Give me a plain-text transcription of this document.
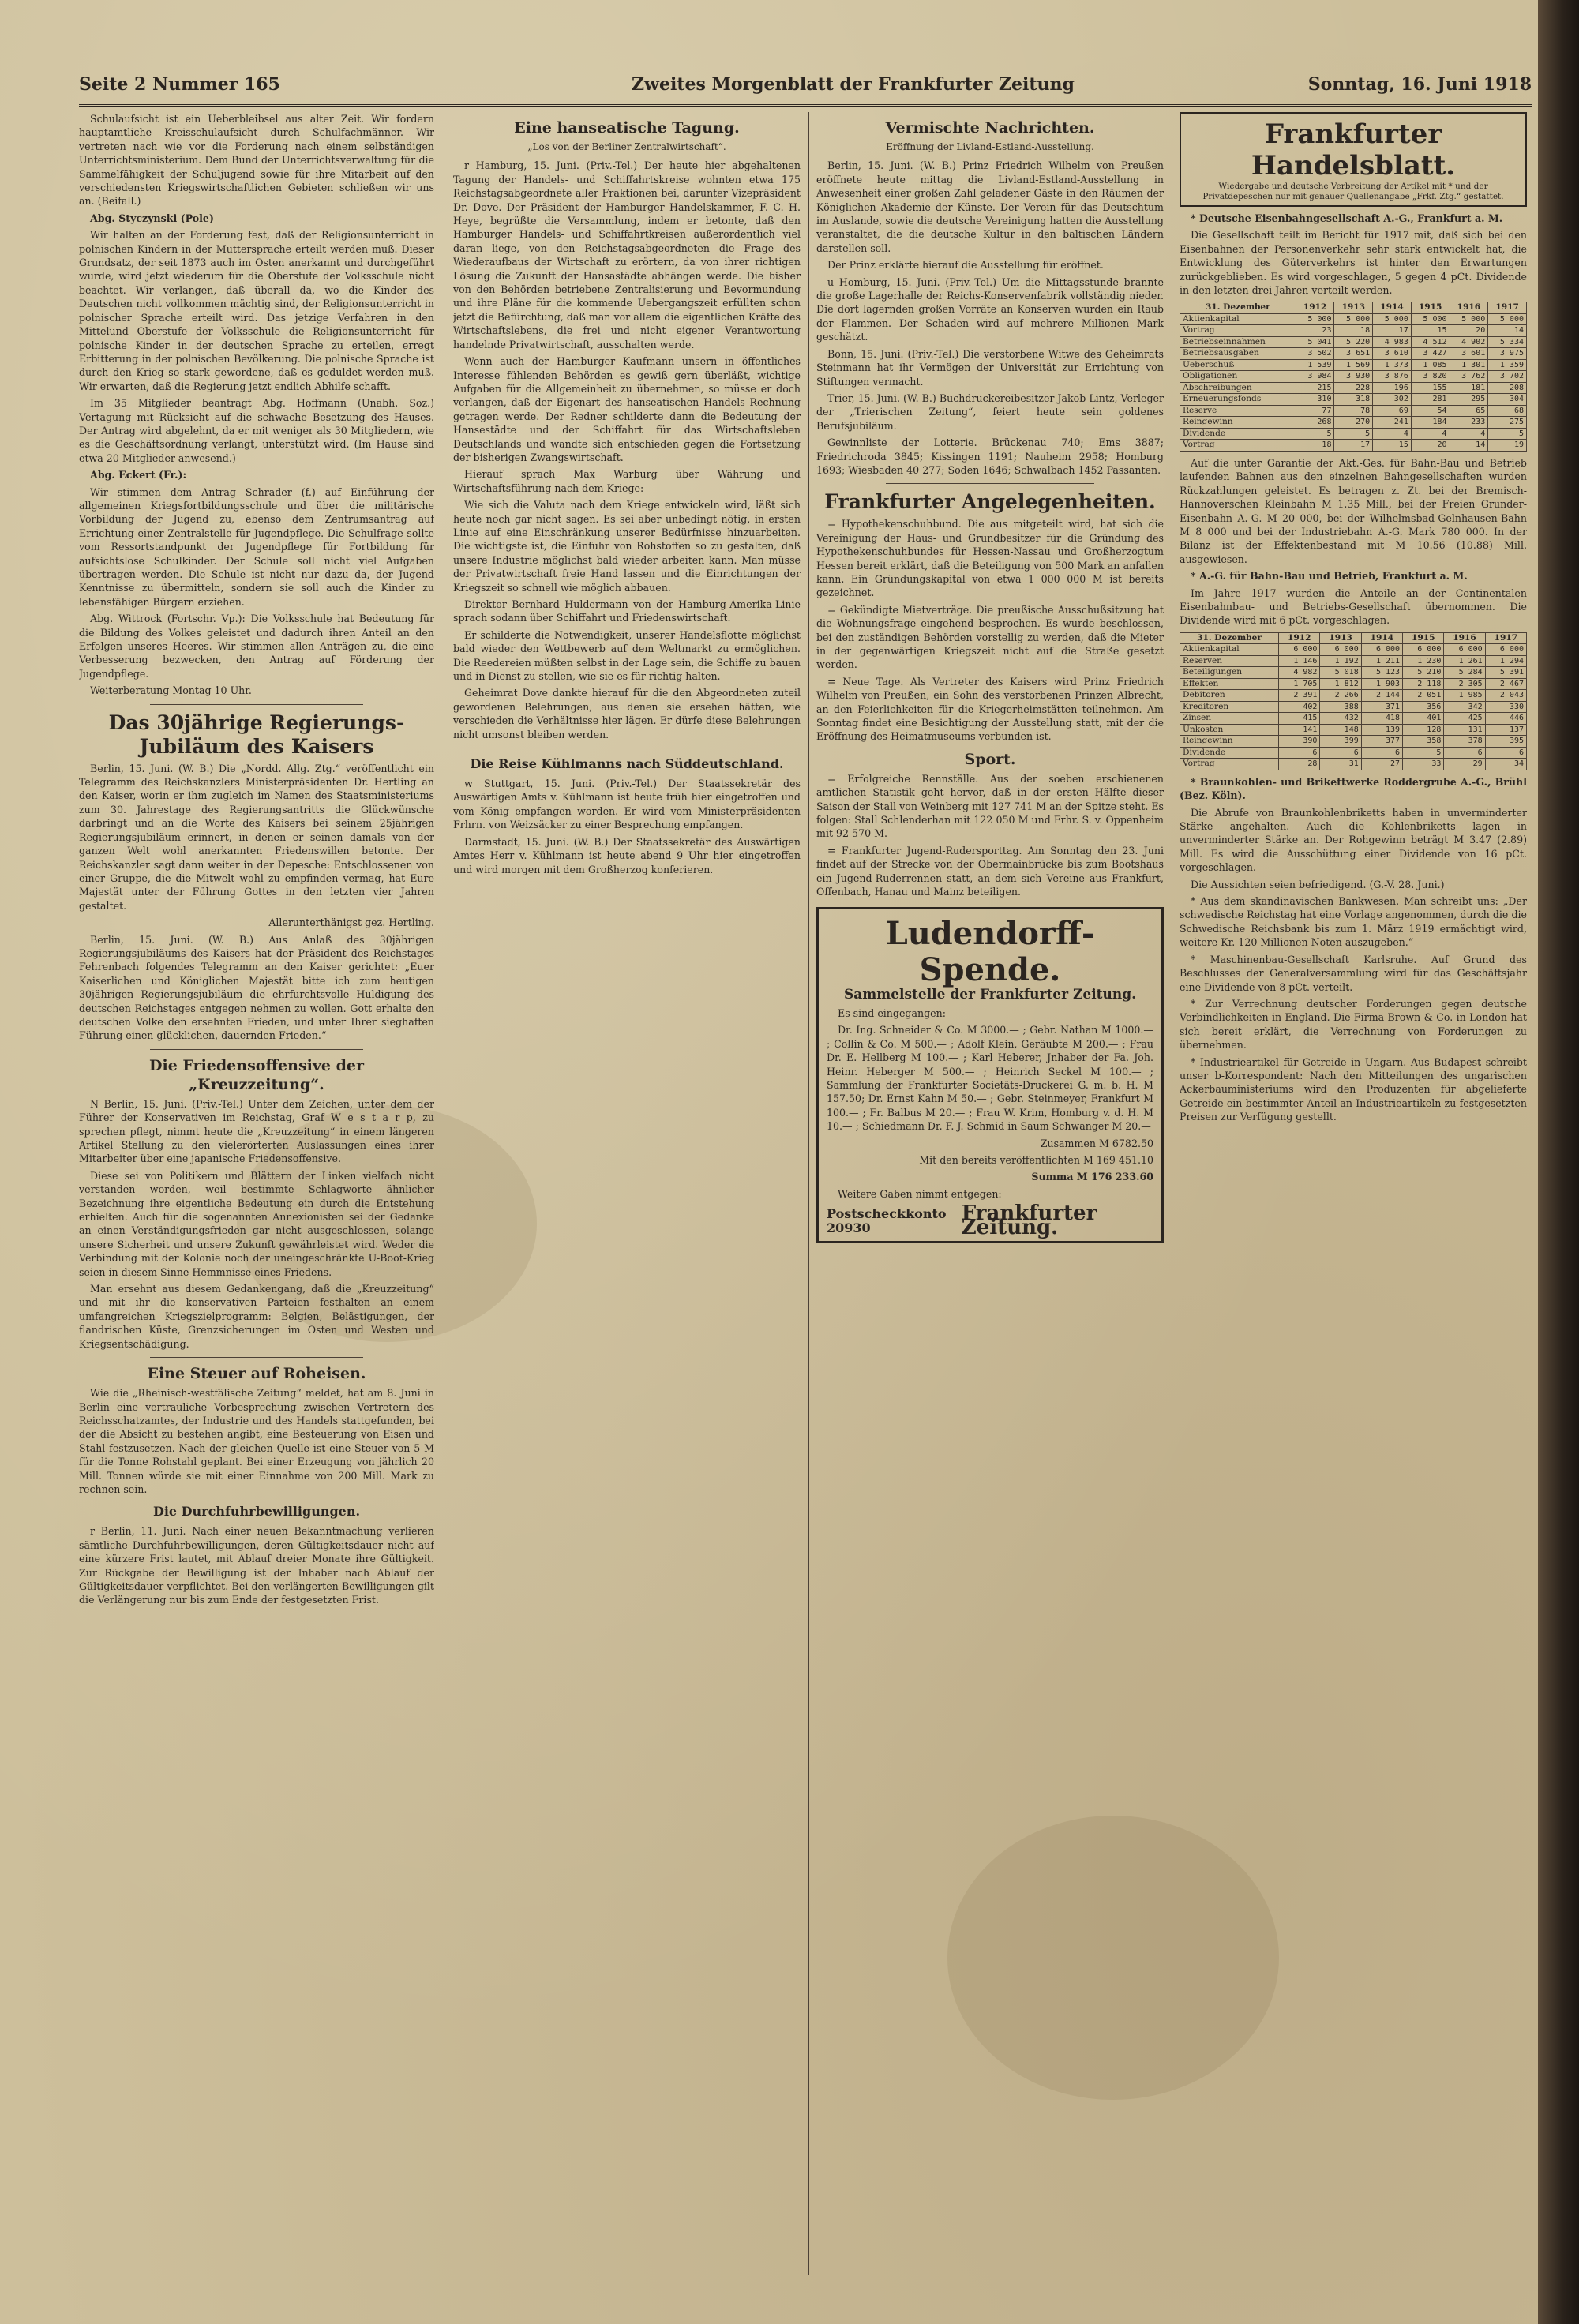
Seite 2 Nummer 165	Zweites Morgenblatt der Frankfurter Zeitung	Sonntag, 16. Juni 1918

Schulaufsicht ist ein Ueberbleibsel aus alter Zeit. Wir fordern hauptamtliche Kreisschulaufsicht durch Schulfachmänner. Wir vertreten nach wie vor die Forderung nach einem selbständigen Unterrichtsministerium. Dem Bund der Unterrichtsverwaltung für die Sammelfähigkeit der Schuljugend sowie für ihre Mitarbeit auf den verschiedensten Kriegswirtschaftlichen Gebieten schließen wir uns an. (Beifall.)

Abg. Styczynski (Pole)

Wir halten an der Forderung fest, daß der Religionsunterricht in polnischen Kindern in der Muttersprache erteilt werden muß. Dieser Grundsatz, der seit 1873 auch im Osten anerkannt und durchgeführt wurde, wird jetzt wiederum für die Oberstufe der Volksschule nicht beachtet. Wir verlangen, daß überall da, wo die Kinder des Deutschen nicht vollkommen mächtig sind, der Religionsunterricht in polnischer Sprache erteilt wird. Das jetzige Verfahren in den Mittelund Oberstufe der Volksschule die Religionsunterricht für polnische Kinder in der deutschen Sprache zu erteilen, erregt Erbitterung in der polnischen Bevölkerung. Die polnische Sprache ist durch den Krieg so stark gewordene, daß es geduldet werden muß. Wir erwarten, daß die Regierung jetzt endlich Abhilfe schafft.

Im 35 Mitglieder beantragt Abg. Hoffmann (Unabh. Soz.) Vertagung mit Rücksicht auf die schwache Besetzung des Hauses. Der Antrag wird abgelehnt, da er mit weniger als 30 Mitgliedern, wie es die Geschäftsordnung verlangt, unterstützt wird. (Im Hause sind etwa 20 Mitglieder anwesend.)

Abg. Eckert (Fr.):

Wir stimmen dem Antrag Schrader (f.) auf Einführung der allgemeinen Kriegsfortbildungsschule und über die militärische Vorbildung der Jugend zu, ebenso dem Zentrumsantrag auf Errichtung einer Zentralstelle für Jugendpflege. Die Schulfrage sollte vom Ressortstandpunkt der Jugendpflege für Fortbildung für aufsichtslose Schulkinder. Der Schule soll nicht viel Aufgaben übertragen werden. Die Schule ist nicht nur dazu da, der Jugend Kenntnisse zu übermitteln, sondern sie soll auch die Kinder zu lebensfähigen Bürgern erziehen.

Abg. Wittrock (Fortschr. Vp.): Die Volksschule hat Bedeutung für die Bildung des Volkes geleistet und dadurch ihren Anteil an den Erfolgen unseres Heeres. Wir stimmen allen Anträgen zu, die eine Verbesserung bezwecken, den Antrag auf Förderung der Jugendpflege.

Weiterberatung Montag 10 Uhr.

Das 30jährige Regierungs-Jubiläum des Kaisers

Berlin, 15. Juni. (W. B.) Die „Nordd. Allg. Ztg.“ veröffentlicht ein Telegramm des Reichskanzlers Ministerpräsidenten Dr. Hertling an den Kaiser, worin er ihm zugleich im Namen des Staatsministeriums zum 30. Jahrestage des Regierungsantritts die Glückwünsche darbringt und an die Worte des Kaisers bei seinem 25jährigen Regierungsjubiläum erinnert, in denen er seinen damals von der ganzen Welt wohl anerkannten Friedenswillen betonte. Der Reichskanzler sagt dann weiter in der Depesche: Entschlossenen von einer Gruppe, die die Mitwelt wohl zu empfinden vermag, hat Eure Majestät unter der Führung Gottes in den letzten vier Jahren gestaltet.

Allerunterthänigst gez. Hertling.

Berlin, 15. Juni. (W. B.) Aus Anlaß des 30jährigen Regierungsjubiläums des Kaisers hat der Präsident des Reichstages Fehrenbach folgendes Telegramm an den Kaiser gerichtet: „Euer Kaiserlichen und Königlichen Majestät bitte ich zum heutigen 30jährigen Regierungsjubiläum die ehrfurchtsvolle Huldigung des deutschen Reichstages entgegen nehmen zu wollen. Gott erhalte den deutschen Volke den ersehnten Frieden, und unter Ihrer sieghaften Führung einen glücklichen, dauernden Frieden.“

Die Friedensoffensive der „Kreuzzeitung“.

N Berlin, 15. Juni. (Priv.-Tel.) Unter dem Zeichen, unter dem der Führer der Konservativen im Reichstag, Graf W e s t a r p, zu sprechen pflegt, nimmt heute die „Kreuzzeitung“ in einem längeren Artikel Stellung zu den vielerörterten Auslassungen eines ihrer Mitarbeiter über eine japanische Friedensoffensive.

Diese sei von Politikern und Blättern der Linken vielfach nicht verstanden worden, weil bestimmte Schlagworte ähnlicher Bezeichnung ihre eigentliche Bedeutung ein durch die Entstehung erhielten. Auch für die sogenannten Annexionisten sei der Gedanke an einen Verständigungsfrieden gar nicht ausgeschlossen, solange unsere Sicherheit und unsere Zukunft gewährleistet wird. Weder die Verbindung mit der Kolonie noch der uneingeschränkte U-Boot-Krieg seien in diesem Sinne Hemmnisse eines Friedens.

Man ersehnt aus diesem Gedankengang, daß die „Kreuzzeitung“ und mit ihr die konservativen Parteien festhalten an einem umfangreichen Kriegszielprogramm: Belgien, Belästigungen, der flandrischen Küste, Grenzsicherungen im Osten und Westen und Kriegsentschädigung.

Eine Steuer auf Roheisen.

Wie die „Rheinisch-westfälische Zeitung“ meldet, hat am 8. Juni in Berlin eine vertrauliche Vorbesprechung zwischen Vertretern des Reichsschatzamtes, der Industrie und des Handels stattgefunden, bei der die Absicht zu bestehen angibt, eine Besteuerung von Eisen und Stahl festzusetzen. Nach der gleichen Quelle ist eine Steuer von 5 M für die Tonne Rohstahl geplant. Bei einer Erzeugung von jährlich 20 Mill. Tonnen würde sie mit einer Einnahme von 200 Mill. Mark zu rechnen sein.

Die Durchfuhrbewilligungen.

r Berlin, 11. Juni. Nach einer neuen Bekanntmachung verlieren sämtliche Durchfuhrbewilligungen, deren Gültigkeitsdauer nicht auf eine kürzere Frist lautet, mit Ablauf dreier Monate ihre Gültigkeit. Zur Rückgabe der Bewilligung ist der Inhaber nach Ablauf der Gültigkeitsdauer verpflichtet. Bei den verlängerten Bewilligungen gilt die Verlängerung nur bis zum Ende der festgesetzten Frist.

Eine hanseatische Tagung.
„Los von der Berliner Zentralwirtschaft“.

r Hamburg, 15. Juni. (Priv.-Tel.) Der heute hier abgehaltenen Tagung der Handels- und Schiffahrtskreise wohnten etwa 175 Reichstagsabgeordnete aller Fraktionen bei, darunter Vizepräsident Dr. Dove. Der Präsident der Hamburger Handelskammer, F. C. H. Heye, begrüßte die Versammlung, indem er betonte, daß den Hamburger Handels- und Schiffahrtkreisen außerordentlich viel daran liege, von den Reichstagsabgeordneten die Frage des Wiederaufbaus der Wirtschaft zu erörtern, da von ihrer richtigen Lösung die Zukunft der Hansastädte abhängen werde. Die bisher von den Behörden betriebene Zentralisierung und Bevormundung und ihre Pläne für die kommende Uebergangszeit erfüllten schon jetzt die Befürchtung, daß man vor allem die eigentlichen Kräfte des Wirtschaftslebens, die frei und nicht eigener Verantwortung handelnde Privatwirtschaft, ausschalten werde.

Wenn auch der Hamburger Kaufmann unsern in öffentliches Interesse fühlenden Behörden es gewiß gern überläßt, wichtige Aufgaben für die Allgemeinheit zu übernehmen, so müsse er doch verlangen, daß der Eigenart des hanseatischen Handels Rechnung getragen werde. Der Redner schilderte dann die Bedeutung der Hansestädte und der Schiffahrt für das Wirtschaftsleben Deutschlands und wandte sich entschieden gegen die Fortsetzung der bisherigen Zwangswirtschaft.

Hierauf sprach Max Warburg über Währung und Wirtschaftsführung nach dem Kriege:

Wie sich die Valuta nach dem Kriege entwickeln wird, läßt sich heute noch gar nicht sagen. Es sei aber unbedingt nötig, in ersten Linie auf eine Einschränkung unserer Bedürfnisse hinzuarbeiten. Die wichtigste ist, die Einfuhr von Rohstoffen so zu gestalten, daß unsere Industrie möglichst bald wieder arbeiten kann. Man müsse der Privatwirtschaft freie Hand lassen und die Einrichtungen der Kriegszeit so schnell wie möglich abbauen.

Direktor Bernhard Huldermann von der Hamburg-Amerika-Linie sprach sodann über Schiffahrt und Friedenswirtschaft.

Er schilderte die Notwendigkeit, unserer Handelsflotte möglichst bald wieder den Wettbewerb auf dem Weltmarkt zu ermöglichen. Die Reedereien müßten selbst in der Lage sein, die Schiffe zu bauen und in Dienst zu stellen, wie sie es für richtig halten.

Geheimrat Dove dankte hierauf für die den Abgeordneten zuteil gewordenen Belehrungen, aus denen sie ersehen hätten, wie verschieden die Verhältnisse hier lägen. Er dürfe diese Belehrungen nicht umsonst bleiben werden.

Die Reise Kühlmanns nach Süddeutschland.

w Stuttgart, 15. Juni. (Priv.-Tel.) Der Staatssekretär des Auswärtigen Amts v. Kühlmann ist heute früh hier eingetroffen und vom König empfangen worden. Er wird vom Ministerpräsidenten Frhrn. von Weizsäcker zu einer Besprechung empfangen.

Darmstadt, 15. Juni. (W. B.) Der Staatssekretär des Auswärtigen Amtes Herr v. Kühlmann ist heute abend 9 Uhr hier eingetroffen und wird morgen mit dem Großherzog konferieren.

Vermischte Nachrichten.
Eröffnung der Livland-Estland-Ausstellung.

Berlin, 15. Juni. (W. B.) Prinz Friedrich Wilhelm von Preußen eröffnete heute mittag die Livland-Estland-Ausstellung in Anwesenheit einer großen Zahl geladener Gäste in den Räumen der Königlichen Akademie der Künste. Der Verein für das Deutschtum im Auslande, sowie die deutsche Vereinigung hatten die Ausstellung veranstaltet, die die deutsche Kultur in den baltischen Ländern darstellen soll.

Der Prinz erklärte hierauf die Ausstellung für eröffnet.

u Homburg, 15. Juni. (Priv.-Tel.) Um die Mittagsstunde brannte die große Lagerhalle der Reichs-Konservenfabrik vollständig nieder. Die dort lagernden großen Vorräte an Konserven wurden ein Raub der Flammen. Der Schaden wird auf mehrere Millionen Mark geschätzt.

Bonn, 15. Juni. (Priv.-Tel.) Die verstorbene Witwe des Geheimrats Steinmann hat ihr Vermögen der Universität zur Errichtung von Stiftungen vermacht.

Trier, 15. Juni. (W. B.) Buchdruckereibesitzer Jakob Lintz, Verleger der „Trierischen Zeitung“, feiert heute sein goldenes Berufsjubiläum.

Gewinnliste der Lotterie. Brückenau 740; Ems 3887; Friedrichroda 3845; Kissingen 1191; Nauheim 2958; Homburg 1693; Wiesbaden 40 277; Soden 1646; Schwalbach 1452 Passanten.

Frankfurter Angelegenheiten.

= Hypothekenschuhbund. Die aus mitgeteilt wird, hat sich die Vereinigung der Haus- und Grundbesitzer für die Gründung des Hypothekenschuhbundes für Hessen-Nassau und Großherzogtum Hessen bereit erklärt, daß die Beteiligung von 500 Mark an anfallen kann. Ein Gründungskapital von etwa 1 000 000 M ist bereits gezeichnet.

= Gekündigte Mietverträge. Die preußische Ausschußsitzung hat die Wohnungsfrage eingehend besprochen. Es wurde beschlossen, bei den zuständigen Behörden vorstellig zu werden, daß die Mieter in der gegenwärtigen Kriegszeit nicht auf die Straße gesetzt werden.

= Neue Tage. Als Vertreter des Kaisers wird Prinz Friedrich Wilhelm von Preußen, ein Sohn des verstorbenen Prinzen Albrecht, an den Feierlichkeiten für die Kriegerheimstätten teilnehmen. Am Sonntag findet eine Besichtigung der Ausstellung statt, mit der die Eröffnung des Heimatmuseums verbunden ist.

Sport.

= Erfolgreiche Rennställe. Aus der soeben erschienenen amtlichen Statistik geht hervor, daß in der ersten Hälfte dieser Saison der Stall von Weinberg mit 127 741 M an der Spitze steht. Es folgen: Stall Schlenderhan mit 122 050 M und Frhr. S. v. Oppenheim mit 92 570 M.

= Frankfurter Jugend-Rudersporttag. Am Sonntag den 23. Juni findet auf der Strecke von der Obermainbrücke bis zum Bootshaus ein Jugend-Ruderrennen statt, an dem sich Vereine aus Frankfurt, Offenbach, Hanau und Mainz beteiligen.

Ludendorff-Spende.
Sammelstelle der Frankfurter Zeitung.

Es sind eingegangen:

Dr. Ing. Schneider & Co. M 3000.— ; Gebr. Nathan M 1000.— ; Collin & Co. M 500.— ; Adolf Klein, Geräubte M 200.— ; Frau Dr. E. Hellberg M 100.— ; Karl Heberer, Jnhaber der Fa. Joh. Heinr. Heberger M 500.— ; Heinrich Seckel M 100.— ; Sammlung der Frankfurter Societäts-Druckerei G. m. b. H. M 157.50; Dr. Ernst Kahn M 50.— ; Gebr. Steinmeyer, Frankfurt M 100.— ; Fr. Balbus M 20.— ; Frau W. Krim, Homburg v. d. H. M 10.— ; Schiedmann Dr. F. J. Schmid in Saum Schwanger M 20.—

Zusammen M 6782.50

Mit den bereits veröffentlichten M 169 451.10

Summa M 176 233.60

Weitere Gaben nimmt entgegen:

Postscheckkonto 20930
Frankfurter Zeitung.
Frankfurter Handelsblatt.
Wiedergabe und deutsche Verbreitung der Artikel mit * und der Privatdepeschen nur mit genauer Quellenangabe „Frkf. Ztg.“ gestattet.

* Deutsche Eisenbahngesellschaft A.-G., Frankfurt a. M.

Die Gesellschaft teilt im Bericht für 1917 mit, daß sich bei den Eisenbahnen der Personenverkehr sehr stark entwickelt hat, die Entwicklung des Güterverkehrs ist hinter den Erwartungen zurückgeblieben. Es wird vorgeschlagen, 5 gegen 4 pCt. Dividende in den letzten drei Jahren verteilt werden.

31. Dezember	1912	1913	1914	1915	1916	1917
Aktienkapital	5 000	5 000	5 000	5 000	5 000	5 000
Vortrag	23	18	17	15	20	14
Betriebseinnahmen	5 041	5 220	4 983	4 512	4 902	5 334
Betriebsausgaben	3 502	3 651	3 610	3 427	3 601	3 975
Ueberschuß	1 539	1 569	1 373	1 085	1 301	1 359
Obligationen	3 984	3 930	3 876	3 820	3 762	3 702
Abschreibungen	215	228	196	155	181	208
Erneuerungsfonds	310	318	302	281	295	304
Reserve	77	78	69	54	65	68
Reingewinn	268	270	241	184	233	275
Dividende	5	5	4	4	4	5
Vortrag	18	17	15	20	14	19

Auf die unter Garantie der Akt.-Ges. für Bahn-Bau und Betrieb laufenden Bahnen aus den einzelnen Bahngesellschaften wurden Rückzahlungen geleistet. Es betragen z. Zt. bei der Bremisch-Hannoverschen Kleinbahn M 1.35 Mill., bei der Freien Grunder-Eisenbahn A.-G. M 20 000, bei der Wilhelmsbad-Gelnhausen-Bahn M 8 000 und bei der Industriebahn A.-G. Mark 780 000. In der Bilanz ist der Effektenbestand mit M 10.56 (10.88) Mill. ausgewiesen.

* A.-G. für Bahn-Bau und Betrieb, Frankfurt a. M.

Im Jahre 1917 wurden die Anteile an der Continentalen Eisenbahnbau- und Betriebs-Gesellschaft übernommen. Die Dividende wird mit 6 pCt. vorgeschlagen.

31. Dezember	1912	1913	1914	1915	1916	1917
Aktienkapital	6 000	6 000	6 000	6 000	6 000	6 000
Reserven	1 146	1 192	1 211	1 230	1 261	1 294
Beteiligungen	4 982	5 018	5 123	5 210	5 284	5 391
Effekten	1 705	1 812	1 903	2 118	2 305	2 467
Debitoren	2 391	2 266	2 144	2 051	1 985	2 043
Kreditoren	402	388	371	356	342	330
Zinsen	415	432	418	401	425	446
Unkosten	141	148	139	128	131	137
Reingewinn	390	399	377	358	378	395
Dividende	6	6	6	5	6	6
Vortrag	28	31	27	33	29	34

* Braunkohlen- und Brikettwerke Roddergrube A.-G., Brühl (Bez. Köln).

Die Abrufe von Braunkohlenbriketts haben in unverminderter Stärke angehalten. Auch die Kohlenbriketts lagen in unverminderter Stärke an. Der Rohgewinn beträgt M 3.47 (2.89) Mill. Es wird die Ausschüttung einer Dividende von 16 pCt. vorgeschlagen.

Die Aussichten seien befriedigend. (G.-V. 28. Juni.)

* Aus dem skandinavischen Bankwesen. Man schreibt uns: „Der schwedische Reichstag hat eine Vorlage angenommen, durch die die Schwedische Reichsbank bis zum 1. März 1919 ermächtigt wird, weitere Kr. 120 Millionen Noten auszugeben.“

* Maschinenbau-Gesellschaft Karlsruhe. Auf Grund des Beschlusses der Generalversammlung wird für das Geschäftsjahr eine Dividende von 8 pCt. verteilt.

* Zur Verrechnung deutscher Forderungen gegen deutsche Verbindlichkeiten in England. Die Firma Brown & Co. in London hat sich bereit erklärt, die Verrechnung von Forderungen zu übernehmen.

* Industrieartikel für Getreide in Ungarn. Aus Budapest schreibt unser b-Korrespondent: Nach den Mitteilungen des ungarischen Ackerbauministeriums wird den Produzenten für abgelieferte Getreide ein bestimmter Anteil an Industrieartikeln zu festgesetzten Preisen zur Verfügung gestellt.
